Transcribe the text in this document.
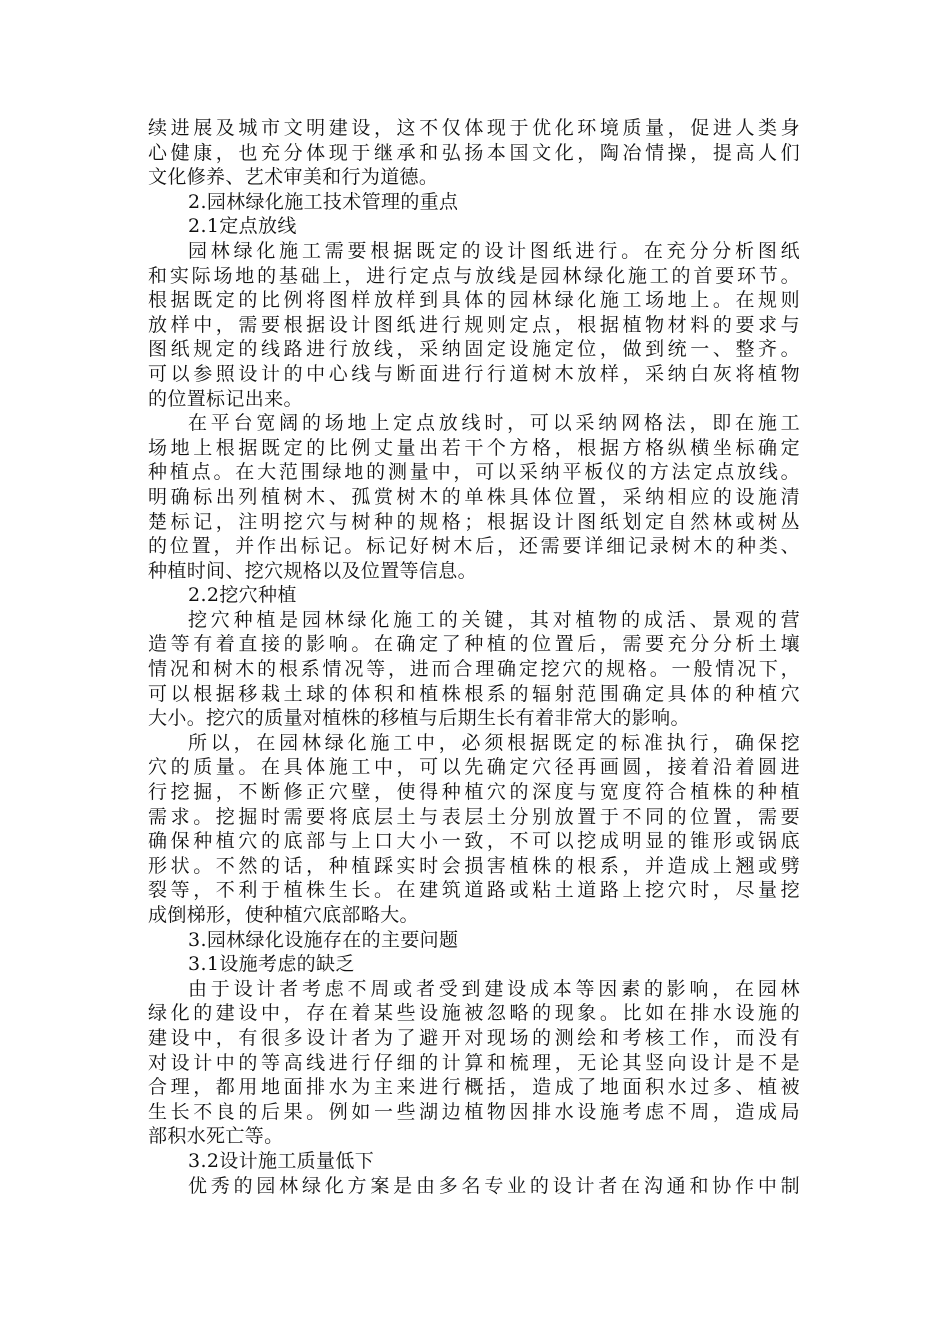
续进展及城市文明建设，这不仅体现于优化环境质量，促进人类身
心健康，也充分体现于继承和弘扬本国文化，陶冶情操，提高人们
文化修养、艺术审美和行为道德。
2.园林绿化施工技术管理的重点
2.1定点放线
园林绿化施工需要根据既定的设计图纸进行。在充分分析图纸
和实际场地的基础上，进行定点与放线是园林绿化施工的首要环节。
根据既定的比例将图样放样到具体的园林绿化施工场地上。在规则
放样中，需要根据设计图纸进行规则定点，根据植物材料的要求与
图纸规定的线路进行放线，采纳固定设施定位，做到统一、整齐。
可以参照设计的中心线与断面进行行道树木放样，采纳白灰将植物
的位置标记出来。
在平台宽阔的场地上定点放线时，可以采纳网格法，即在施工
场地上根据既定的比例丈量出若干个方格，根据方格纵横坐标确定
种植点。在大范围绿地的测量中，可以采纳平板仪的方法定点放线。
明确标出列植树木、孤赏树木的单株具体位置，采纳相应的设施清
楚标记，注明挖穴与树种的规格；根据设计图纸划定自然林或树丛
的位置，并作出标记。标记好树木后，还需要详细记录树木的种类、
种植时间、挖穴规格以及位置等信息。
2.2挖穴种植
挖穴种植是园林绿化施工的关键，其对植物的成活、景观的营
造等有着直接的影响。在确定了种植的位置后，需要充分分析土壤
情况和树木的根系情况等，进而合理确定挖穴的规格。一般情况下，
可以根据移栽土球的体积和植株根系的辐射范围确定具体的种植穴
大小。挖穴的质量对植株的移植与后期生长有着非常大的影响。
所以，在园林绿化施工中，必须根据既定的标准执行，确保挖
穴的质量。在具体施工中，可以先确定穴径再画圆，接着沿着圆进
行挖掘，不断修正穴壁，使得种植穴的深度与宽度符合植株的种植
需求。挖掘时需要将底层土与表层土分别放置于不同的位置，需要
确保种植穴的底部与上口大小一致，不可以挖成明显的锥形或锅底
形状。不然的话，种植踩实时会损害植株的根系，并造成上翘或劈
裂等，不利于植株生长。在建筑道路或粘土道路上挖穴时，尽量挖
成倒梯形，使种植穴底部略大。
3.园林绿化设施存在的主要问题
3.1设施考虑的缺乏
由于设计者考虑不周或者受到建设成本等因素的影响，在园林
绿化的建设中，存在着某些设施被忽略的现象。比如在排水设施的
建设中，有很多设计者为了避开对现场的测绘和考核工作，而没有
对设计中的等高线进行仔细的计算和梳理，无论其竖向设计是不是
合理，都用地面排水为主来进行概括，造成了地面积水过多、植被
生长不良的后果。例如一些湖边植物因排水设施考虑不周，造成局
部积水死亡等。
3.2设计施工质量低下
优秀的园林绿化方案是由多名专业的设计者在沟通和协作中制
